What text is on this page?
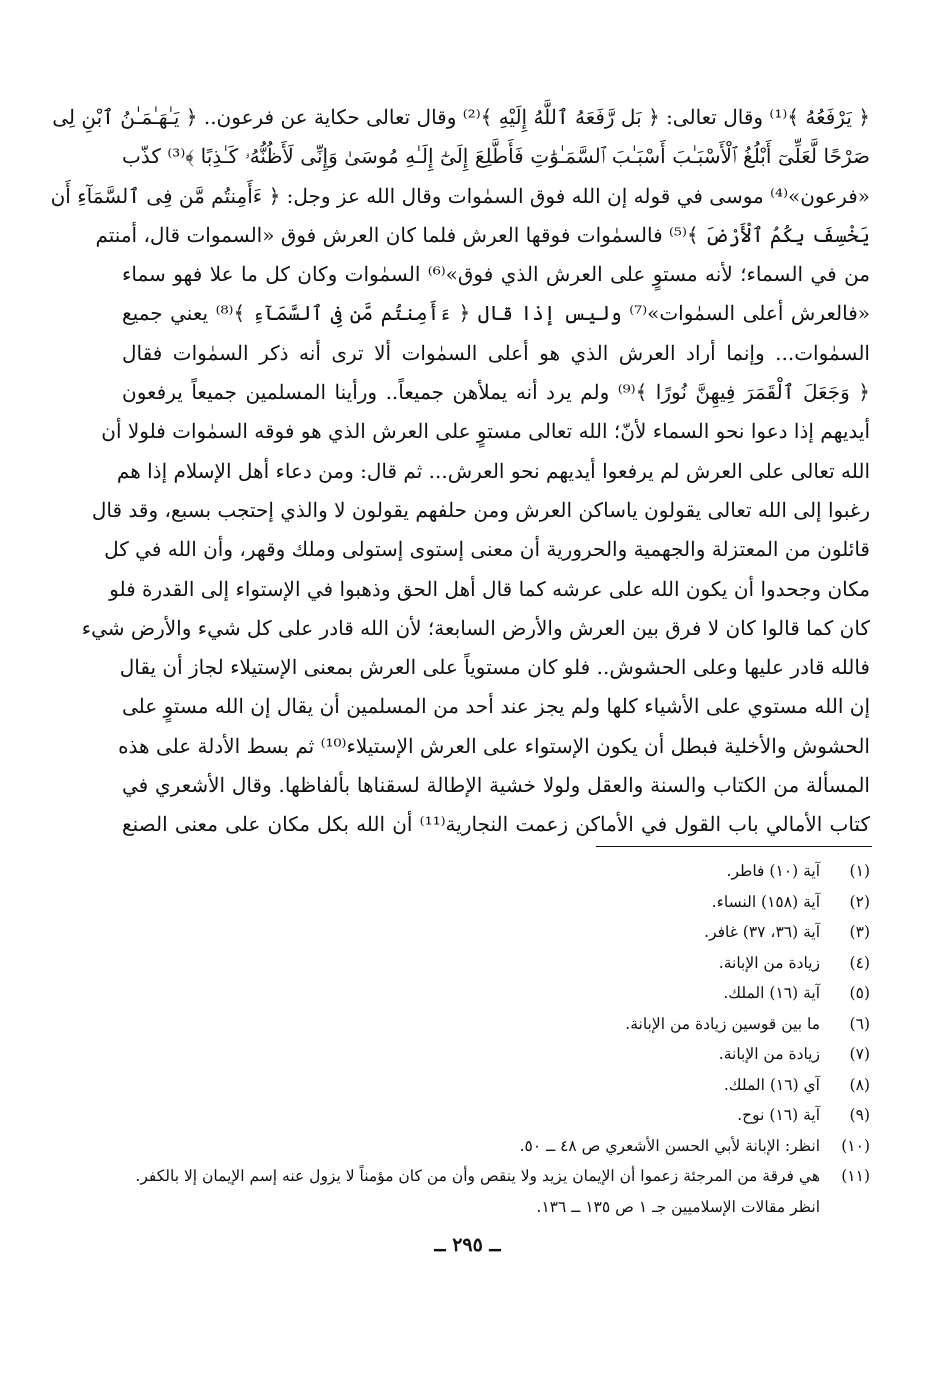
﴿ يَرْفَعُهُ ﴾⁽¹⁾ وقال تعالى: ﴿ بَل رَّفَعَهُ ٱللَّهُ إِلَيْهِ ﴾⁽²⁾ وقال تعالى حكاية عن فرعون.. ﴿ يَـٰهَـٰمَـٰنُ ٱبْنِ لِى
صَرْحًا لَّعَلِّىٓ أَبْلُغُ ٱلْأَسْبَـٰبَ أَسْبَـٰبَ ٱلسَّمَـٰوَٰتِ فَأَطَّلِعَ إِلَىٰٓ إِلَـٰهِ مُوسَىٰ وَإِنِّى لَأَظُنُّهُۥ كَـٰذِبًا ﴾⁽³⁾ كذّب
«فرعون»⁽⁴⁾ موسى في قوله إن الله فوق السمٰوات وقال الله عز وجل: ﴿ ءَأَمِنتُم مَّن فِى ٱلسَّمَآءِ أَن
يَخْسِفَ بِكُمُ ٱلْأَرْضَ ﴾⁽⁵⁾ فالسمٰوات فوقها العرش فلما كان العرش فوق «السموات قال، أمنتم
من في السماء؛ لأنه مستوٍ على العرش الذي فوق»⁽⁶⁾ السمٰوات وكان كل ما علا فهو سماء
«فالعرش أعلى السمٰوات»⁽⁷⁾ وليس إذا قال ﴿ ءَأَمِنتُم مَّن فِى ٱلسَّمَآءِ ﴾⁽⁸⁾ يعني جميع
السمٰوات... وإنما أراد العرش الذي هو أعلى السمٰوات ألا ترى أنه ذكر السمٰوات فقال
﴿ وَجَعَلَ ٱلْقَمَرَ فِيهِنَّ نُورًا ﴾⁽⁹⁾ ولم يرد أنه يملأهن جميعاً.. ورأينا المسلمين جميعاً يرفعون
أيديهم إذا دعوا نحو السماء لأنّ؛ الله تعالى مستوٍ على العرش الذي هو فوقه السمٰوات فلولا أن
الله تعالى على العرش لم يرفعوا أيديهم نحو العرش... ثم قال: ومن دعاء أهل الإسلام إذا هم
رغبوا إلى الله تعالى يقولون ياساكن العرش ومن حلفهم يقولون لا والذي إحتجب بسبع، وقد قال
قائلون من المعتزلة والجهمية والحرورية أن معنى إستوى إستولى وملك وقهر، وأن الله في كل
مكان وجحدوا أن يكون الله على عرشه كما قال أهل الحق وذهبوا في الإستواء إلى القدرة فلو
كان كما قالوا كان لا فرق بين العرش والأرض السابعة؛ لأن الله قادر على كل شيء والأرض شيء
فالله قادر عليها وعلى الحشوش.. فلو كان مستوياً على العرش بمعنى الإستيلاء لجاز أن يقال
إن الله مستوي على الأشياء كلها ولم يجز عند أحد من المسلمين أن يقال إن الله مستوٍ على
الحشوش والأخلية فبطل أن يكون الإستواء على العرش الإستيلاء⁽¹⁰⁾ ثم بسط الأدلة على هذه
المسألة من الكتاب والسنة والعقل ولولا خشية الإطالة لسقناها بألفاظها. وقال الأشعري في
كتاب الأمالي باب القول في الأماكن زعمت النجارية⁽¹¹⁾ أن الله بكل مكان على معنى الصنع
(١)
آية (١٠) فاطر.
(٢)
آية (١٥٨) النساء.
(٣)
آية (٣٦، ٣٧) غافر.
(٤)
زيادة من الإبانة.
(٥)
آية (١٦) الملك.
(٦)
ما بين قوسين زيادة من الإبانة.
(٧)
زيادة من الإبانة.
(٨)
آي (١٦) الملك.
(٩)
آية (١٦) نوح.
(١٠)
انظر: الإبانة لأبي الحسن الأشعري ص ٤٨ ــ ٥٠.
(١١)
هي فرقة من المرجئة زعموا أن الإيمان يزيد ولا ينقص وأن من كان مؤمناً لا يزول عنه إسم الإيمان إلا بالكفر.
انظر مقالات الإسلاميين جـ ١ ص ١٣٥ ــ ١٣٦.
ــ ٢٩٥ ــ
